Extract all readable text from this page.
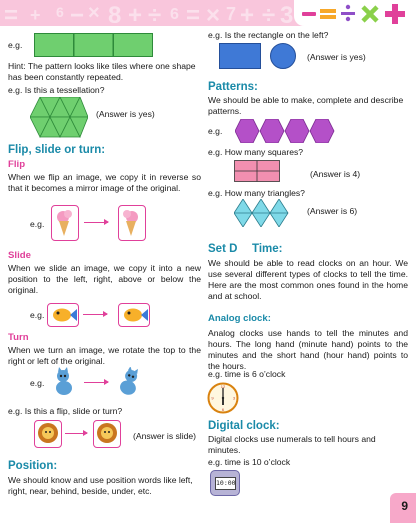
= + 6 − × 8 + ÷ 6 = × 7 + ÷ 3
e.g.
Hint: The pattern looks like tiles where one shape has been constantly repeated.
e.g. Is this a tessellation?
(Answer is yes)
Flip, slide or turn:
Flip
When we flip an image, we copy it in reverse so that it becomes a mirror image of the original.
e.g.
Slide
When we slide an image, we copy it into a new position to the left, right, above or below the original.
e.g.
Turn
When we turn an image, we rotate the top to the right or left of the original.
e.g.
e.g. Is this a flip, slide or turn?
(Answer is slide)
Position:
We should know and use position words like left, right, near, behind, beside, under, etc.
e.g. Is the rectangle on the left?
(Answer is yes)
Patterns:
We should be able to make, complete and describe patterns.
e.g.
e.g. How many squares?
(Answer is 4)
e.g. How many triangles?
(Answer is 6)
Set D Time:
We should be able to read clocks on an hour. We use several different types of clocks to tell the time. Here are the most common ones found in the home and at school.
Analog clock:
Analog clocks use hands to tell the minutes and hours. The long hand (minute hand) points to the minutes and the short hand (hour hand) points to the hours.
e.g. time is 6 o’clock
12
3
6
9
Digital clock:
Digital clocks use numerals to tell hours and minutes.
e.g. time is 10 o’clock
10:00
9
